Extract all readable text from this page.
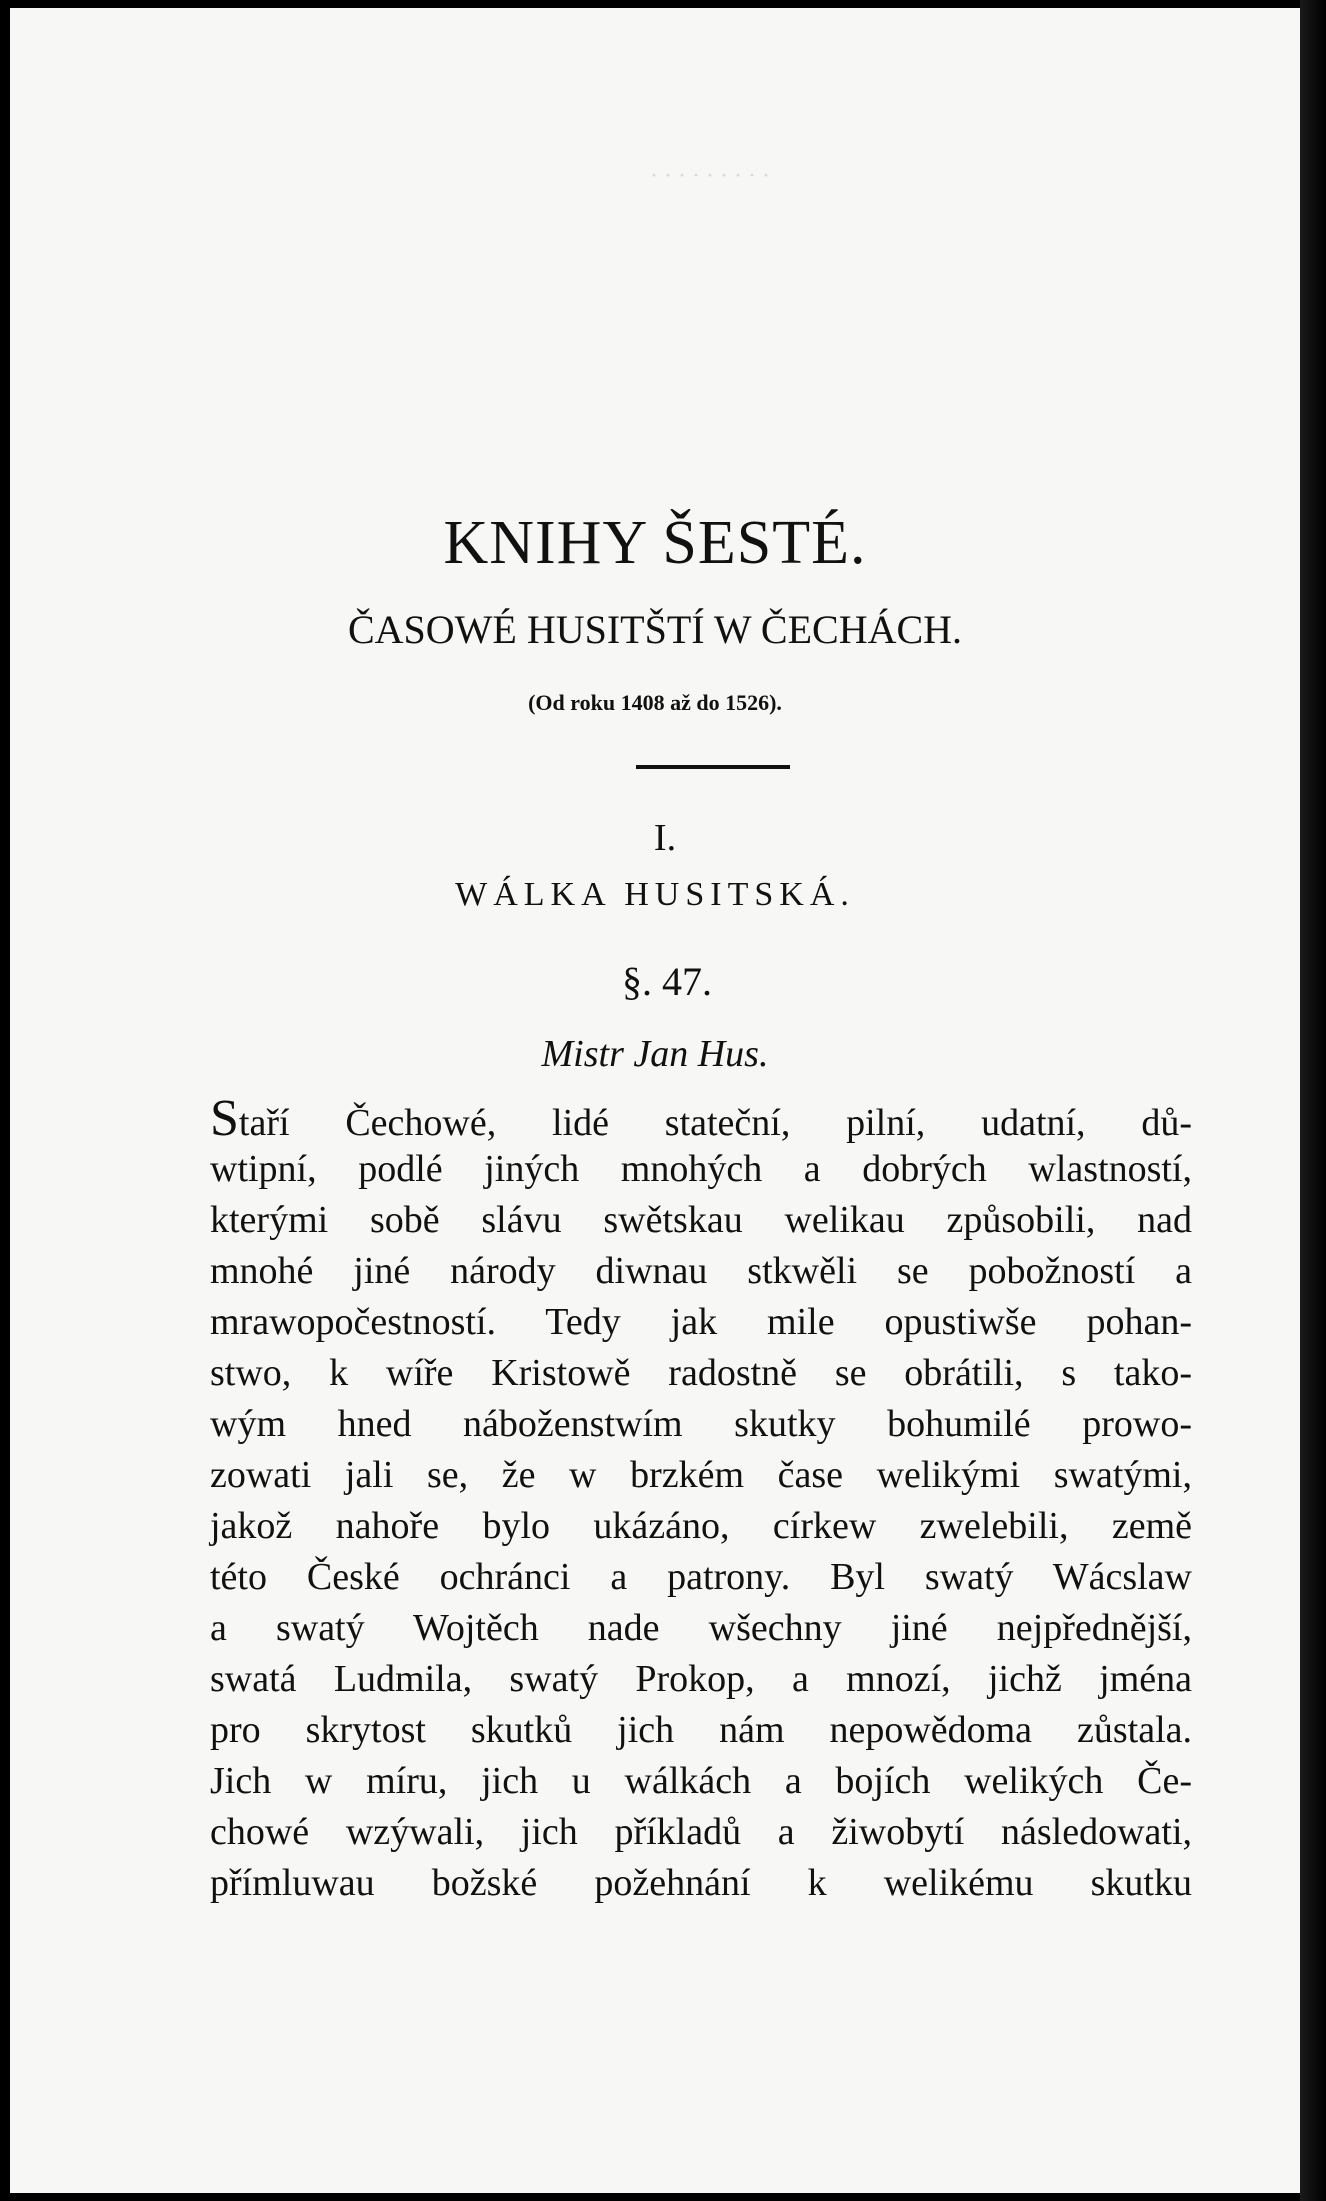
· · · · · · · · ·
KNIHY ŠESTÉ.
ČASOWÉ HUSITŠTÍ W ČECHÁCH.
(Od roku 1408 až do 1526).
I.
WÁLKA HUSITSKÁ.
§. 47.
Mistr Jan Hus.
Staří Čechowé, lidé stateční, pilní, udatní, dů-
wtipní, podlé jiných mnohých a dobrých wlastností,
kterými sobě slávu swětskau welikau způsobili, nad
mnohé jiné národy diwnau stkwěli se pobožností a
mrawopočestností. Tedy jak mile opustiwše pohan-
stwo, k wíře Kristowě radostně se obrátili, s tako-
wým hned náboženstwím skutky bohumilé prowo-
zowati jali se, že w brzkém čase welikými swatými,
jakož nahoře bylo ukázáno, církew zwelebili, země
této České ochránci a patrony. Byl swatý Wácslaw
a swatý Wojtěch nade wšechny jiné nejpřednější,
swatá Ludmila, swatý Prokop, a mnozí, jichž jména
pro skrytost skutků jich nám nepowědoma zůstala.
Jich w míru, jich u wálkách a bojích welikých Če-
chowé wzýwali, jich příkladů a žiwobytí následowati,
přímluwau božské požehnání k welikému skutku
